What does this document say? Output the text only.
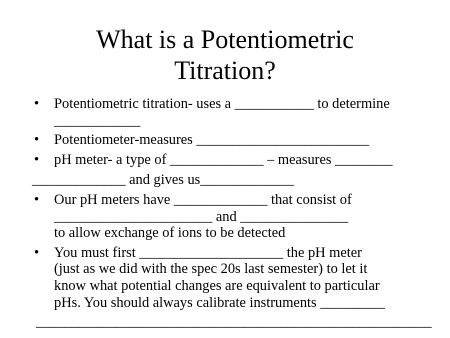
What is a Potentiometric
Titration?
• Potentiometric titration- uses a ___________ to determine
____________
• Potentiometer-measures ________________________
• pH meter- a type of _____________ – measures ________
_____________ and gives us_____________
• Our pH meters have _____________ that consist of
______________________ and _______________
to allow exchange of ions to be detected
• You must first ____________________ the pH meter
(just as we did with the spec 20s last semester) to let it
know what potential changes are equivalent to particular
pHs. You should always calibrate instruments _________
_______________________________________________________
